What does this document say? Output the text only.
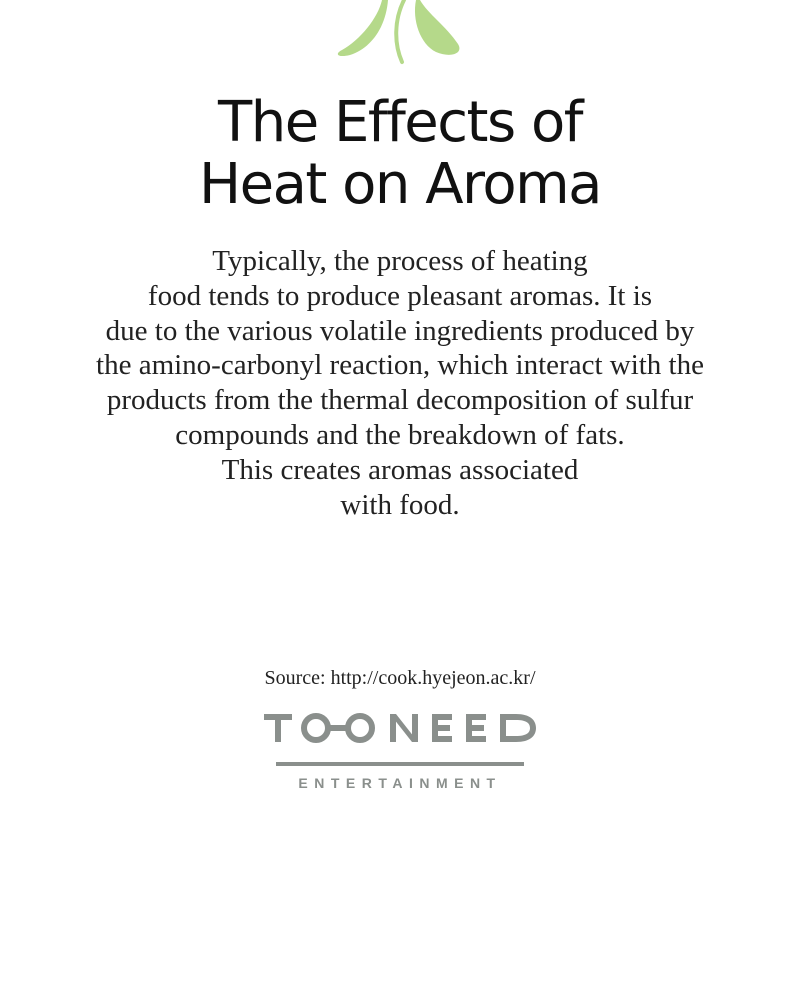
The Effects of
Heat on Aroma
Typically, the process of heating
food tends to produce pleasant aromas. It is
due to the various volatile ingredients produced by
the amino-carbonyl reaction, which interact with the
products from the thermal decomposition of sulfur
compounds and the breakdown of fats.
This creates aromas associated
with food.
Source: http://cook.hyejeon.ac.kr/
ENTERTAINMENT
